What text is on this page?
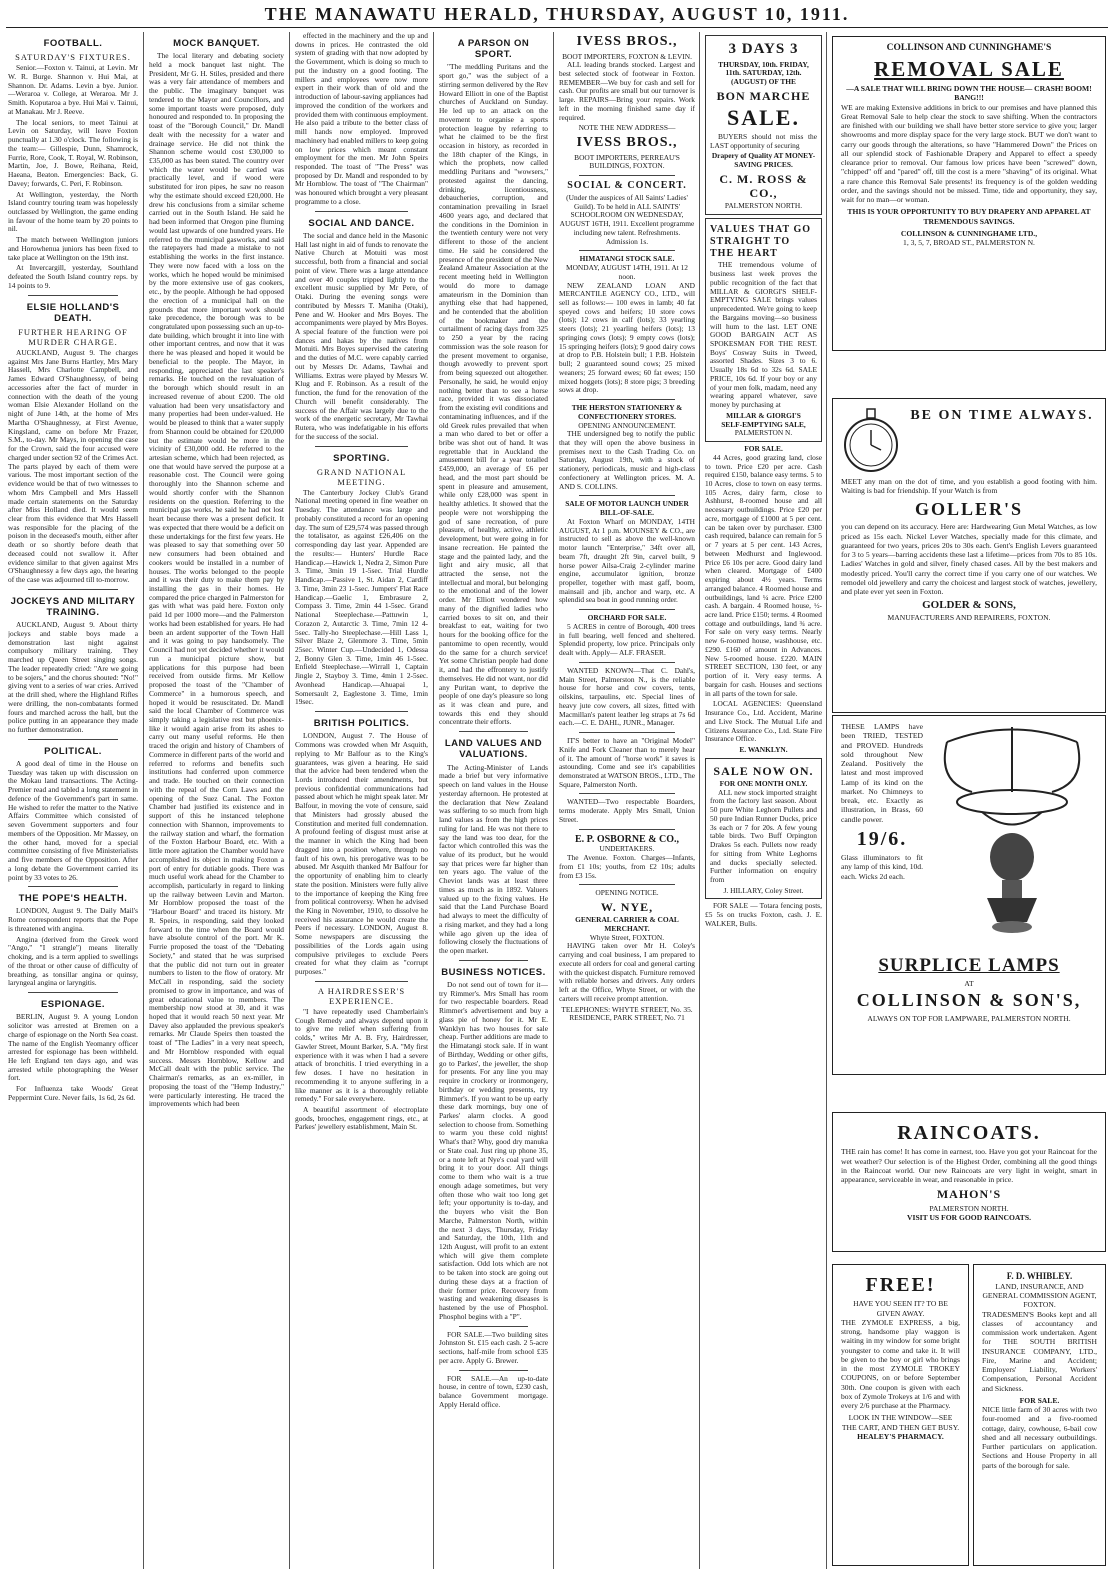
THE MANAWATU HERALD, THURSDAY, AUGUST 10, 1911.
FOOTBALL.
SATURDAY'S FIXTURES.

Senior.—Foxton v. Tainui, at Levin. Mr W. R. Burge. Shannon v. Hui Mai, at Shannon. Dr. Adams. Levin a bye. Junior.—Weraroa v. College, at Weraroa. Mr J. Smith. Koputaroa a bye. Hui Mai v. Tainui, at Manakau. Mr J. Reeve.

The local seniors, to meet Tainui at Levin on Saturday, will leave Foxton punctually at 1.30 o'clock. The following is the team:— Gillespie, Dunn, Shamrock, Furrie, Rore, Cook, T. Royal, W. Robinson, Martin, Joe, J. Bowe, Reihana, Reid, Haeana, Beaton. Emergencies: Back, G. Davey; forwards, C. Peri, F. Robinson.

At Wellington, yesterday, the North Island country touring team was hopelessly outclassed by Wellington, the game ending in favour of the home team by 20 points to nil.

The match between Wellington juniors and Horowhenua juniors has been fixed to take place at Wellington on the 19th inst.

At Invercargill, yesterday, Southland defeated the South Island country reps. by 14 points to 9.

ELSIE HOLLAND'S DEATH.
FURTHER HEARING OF MURDER CHARGE.

AUCKLAND, August 9. The charges against Mrs Jane Burns Hartley, Mrs Mary Hassell, Mrs Charlotte Campbell, and James Edward O'Shaughnessy, of being accessories after the fact of murder in connection with the death of the young woman Elsie Alexander Holland on the night of June 14th, at the home of Mrs Martha O'Shaughnessy, at First Avenue, Kingsland, came on before Mr Frazer, S.M., to-day. Mr Mays, in opening the case for the Crown, said the four accused were charged under section 92 of the Crimes Act. The parts played by each of them were various. The most important section of the evidence would be that of two witnesses to whom Mrs Campbell and Mrs Hassell made certain statements on the Saturday after Miss Holland died. It would seem clear from this evidence that Mrs Hassell was responsible for the placing of the poison in the deceased's mouth, either after death or so shortly before death that deceased could not swallow it. After evidence similar to that given against Mrs O'Shaughnessy a few days ago, the hearing of the case was adjourned till to-morrow.

JOCKEYS AND MILITARY TRAINING.

AUCKLAND, August 9. About thirty jockeys and stable boys made a demonstration last night against compulsory military training. They marched up Queen Street singing songs. The leader repeatedly cried: "Are we going to be sojers," and the chorus shouted: "No!" giving vent to a series of war cries. Arrived at the drill shed, where the Highland Rifles were drilling, the non-combatants formed fours and marched across the hall, but the police putting in an appearance they made no further demonstration.

POLITICAL.

A good deal of time in the House on Tuesday was taken up with discussion on the Mokau land transactions. The Acting-Premier read and tabled a long statement in defence of the Government's part in same. He wished to refer the matter to the Native Affairs Committee which consisted of seven Government supporters and four members of the Opposition. Mr Massey, on the other hand, moved for a special committee consisting of five Ministerialists and five members of the Opposition. After a long debate the Government carried its point by 33 votes to 26.

THE POPE'S HEALTH.

LONDON, August 9. The Daily Mail's Rome correspondent reports that the Pope is threatened with angina.

Angina (derived from the Greek word "Ango," "I strangle") means literally choking, and is a term applied to swellings of the throat or other cause of difficulty of breathing, as tonsillar angina or quinsy, laryngeal angina or laryngitis.

ESPIONAGE.

BERLIN, August 9. A young London solicitor was arrested at Bremen on a charge of espionage on the North Sea coast. The name of the English Yeomanry officer arrested for espionage has been withheld. He left England ten days ago, and was arrested while photographing the Weser fort.

For Influenza take Woods' Great Peppermint Cure. Never fails, 1s 6d, 2s 6d.

MOCK BANQUET.

The local literary and debating society held a mock banquet last night. The President, Mr G. H. Stiles, presided and there was a very fair attendance of members and the public. The imaginary banquet was tendered to the Mayor and Councillors, and some important toasts were proposed, duly honoured and responded to. In proposing the toast of the "Borough Council," Dr. Mandl dealt with the necessity for a water and drainage service. He did not think the Shannon scheme would cost £30,000 to £35,000 as has been stated. The country over which the water would be carried was practically level, and if wood were substituted for iron pipes, he saw no reason why the estimate should exceed £20,000. He drew his conclusions from a similar scheme carried out in the South Island. He said he had been informed that Oregon pine fluming would last upwards of one hundred years. He referred to the municipal gasworks, and said the ratepayers had made a mistake to not establishing the works in the first instance. They were now faced with a loss on the works, which he hoped would be minimised by the more extensive use of gas cookers, etc., by the people. Although he had opposed the erection of a municipal hall on the grounds that more important work should take precedence, the borough was to be congratulated upon possessing such an up-to-date building, which brought it into line with other important centres, and now that it was there he was pleased and hoped it would be beneficial to the people. The Mayor, in responding, appreciated the last speaker's remarks. He touched on the revaluation of the borough which should result in an increased revenue of about £200. The old valuation had been very unsatisfactory and many properties had been under-valued. He would be pleased to think that a water supply from Shannon could be obtained for £20,000 but the estimate would be more in the vicinity of £30,000 odd. He referred to the artesian scheme, which had been rejected, as one that would have served the purpose at a reasonable cost. The Council were going thoroughly into the Shannon scheme and would shortly confer with the Shannon residents on the question. Referring to the municipal gas works, he said he had not lost heart because there was a present deficit. It was expected that there would be a deficit on these undertakings for the first few years. He was pleased to say that something over 50 new consumers had been obtained and cookers would be installed in a number of houses. The works belonged to the people and it was their duty to make them pay by installing the gas in their homes. He compared the price charged in Palmerston for gas with what was paid here. Foxton only paid 1d per 1000 more—and the Palmerston works had been established for years. He had been an ardent supporter of the Town Hall and it was going to pay handsomely. The Council had not yet decided whether it would run a municipal picture show, but applications for this purpose had been received from outside firms. Mr Kellow proposed the toast of the "Chamber of Commerce" in a humorous speech, and hoped it would be resuscitated. Dr. Mandl said the local Chamber of Commerce was simply taking a legislative rest but phoenix-like it would again arise from its ashes to carry out many useful reforms. He then traced the origin and history of Chambers of Commerce in different parts of the world and referred to reforms and benefits such institutions had conferred upon commerce and trade. He touched on their connection with the repeal of the Corn Laws and the opening of the Suez Canal. The Foxton Chamber had justified its existence and in support of this he instanced telephone connection with Shannon, improvements to the railway station and wharf, the formation of the Foxton Harbour Board, etc. With a little more agitation the Chamber would have accomplished its object in making Foxton a port of entry for dutiable goods. There was much useful work ahead for the Chamber to accomplish, particularly in regard to linking up the railway between Levin and Marton. Mr Hornblow proposed the toast of the "Harbour Board" and traced its history. Mr R. Speirs, in responding, said they looked forward to the time when the Board would have absolute control of the port. Mr K. Furrie proposed the toast of the "Debating Society," and stated that he was surprised that the public did not turn out in greater numbers to listen to the flow of oratory. Mr McCall in responding, said the society promised to grow in importance, and was of great educational value to members. The membership now stood at 30, and it was hoped that it would reach 50 next year. Mr Davey also applauded the previous speaker's remarks. Mr Claude Speirs then toasted the toast of "The Ladies" in a very neat speech, and Mr Hornblow responded with equal success. Messrs Hornblow, Kellow and McCall dealt with the public service. The Chairman's remarks, as an ex-miller, in proposing the toast of the "Hemp Industry," were particularly interesting. He traced the improvements which had been

effected in the machinery and the up and downs in prices. He contrasted the old system of grading with that now adopted by the Government, which is doing so much to put the industry on a good footing. The millers and employees were now more expert in their work than of old and the introduction of labour-saving appliances had improved the condition of the workers and provided them with continuous employment. He also paid a tribute to the better class of mill hands now employed. Improved machinery had enabled millers to keep going on low prices which meant constant employment for the men. Mr John Speirs responded. The toast of "The Press" was proposed by Dr. Mandl and responded to by Mr Hornblow. The toast of "The Chairman" was honoured which brought a very pleasant programme to a close.

SOCIAL AND DANCE.

The social and dance held in the Masonic Hall last night in aid of funds to renovate the Native Church at Motuiti was most successful, both from a financial and social point of view. There was a large attendance and over 40 couples tripped lightly to the excellent music supplied by Mr Pere, of Otaki. During the evening songs were contributed by Messrs T. Maniha (Otaki), Pene and W. Hooker and Mrs Boyes. The accompaniments were played by Mrs Boyes. A special feature of the function were poi dances and hakas by the natives from Motuiti. Mrs Boyes supervised the catering and the duties of M.C. were capably carried out by Messrs Dr. Adams, Tawhai and Williams. Extras were played by Messrs W. Klug and F. Robinson. As a result of the function, the fund for the renovation of the Church will benefit considerably. The success of the Affair was largely due to the work of the energetic secretary, Mr Tawhai Rutera, who was indefatigable in his efforts for the success of the social.

SPORTING.
GRAND NATIONAL MEETING.

The Canterbury Jockey Club's Grand National meeting opened in fine weather on Tuesday. The attendance was large and probably constituted a record for an opening day. The sum of £29,574 was passed through the totalisator, as against £26,406 on the corresponding day last year. Appended are the results:— Hunters' Hurdle Race Handicap.—Hawick 1, Nedra 2, Simon Pure 3. Time, 3min 19 1-5sec. Trial Hurdle Handicap.—Passive 1, St. Aidan 2, Cardiff 3. Time, 3min 23 1-5sec. Jumpers' Flat Race Handicap.—Gaelic 1, Embrasure 2, Compass 3. Time, 2min 44 1-5sec. Grand National Steeplechase.—Pattuwin 1, Corazon 2, Autarctic 3. Time, 7min 12 4-5sec. Tally-ho Steeplechase.—Hill Lass 1, Silver Blaze 2, Glenmore 3. Time, 5min 25sec. Winter Cup.—Undecided 1, Odessa 2, Bonny Glen 3. Time, 1min 46 1-5sec. Enfield Steeplechase.—Wirrall 1, Captain Jingle 2, Stayboy 3. Time, 4min 1 2-5sec. Avonhead Handicap.—Ahuapai 1, Somersault 2, Eaglestone 3. Time, 1min 19sec.

BRITISH POLITICS.

LONDON, August 7. The House of Commons was crowded when Mr Asquith, replying to Mr Balfour as to the King's guarantees, was given a hearing. He said that the advice had been tendered when the Lords introduced their amendments, but previous confidential communications had passed about which he might speak later. Mr Balfour, in moving the vote of censure, said that Ministers had grossly abused the Constitution and merited full condemnation. A profound feeling of disgust must arise at the manner in which the King had been dragged into a position where, through no fault of his own, his prerogative was to be abused. Mr Asquith thanked Mr Balfour for the opportunity of enabling him to clearly state the position. Ministers were fully alive to the importance of keeping the King free from political controversy. When he advised the King in November, 1910, to dissolve he received his assurance he would create the Peers if necessary. LONDON, August 8. Some newspapers are discussing the possibilities of the Lords again using compulsive privileges to exclude Peers created for what they claim as "corrupt purposes."

A HAIRDRESSER'S EXPERIENCE.

"I have repeatedly used Chamberlain's Cough Remedy and always depend upon it to give me relief when suffering from colds," writes Mr A. B. Fry, Hairdresser, Gawler Street, Mount Barker, S.A. "My first experience with it was when I had a severe attack of bronchitis. I tried everything in a few doses. I have no hesitation in recommending it to anyone suffering in a like manner as it is a thoroughly reliable remedy." For sale everywhere.

A beautiful assortment of electroplate goods, brooches, engagement rings, etc., at Parkes' jewellery establishment, Main St.

A PARSON ON SPORT.

"The meddling Puritans and the sport go," was the subject of a stirring sermon delivered by the Rev Howard Elliott in one of the Baptist churches of Auckland on Sunday. He led up to an attack on the movement to organise a sports protection league by referring to what he claimed to be the first occasion in history, as recorded in the 18th chapter of the Kings, in which the prophets, now called meddling Puritans and "wowsers," protested against the dancing, drinking, licentiousness, debaucheries, corruption, and contamination prevailing in Israel 4600 years ago, and declared that the conditions in the Dominion in the twentieth century were not very different to those of the ancient time. He said he considered the presence of the president of the New Zealand Amateur Association at the recent meeting held in Wellington would do more to damage amateurism in the Dominion than anything else that had happened, and he contended that the abolition of the bookmaker and the curtailment of racing days from 325 to 250 a year by the racing commission was the sole reason for the present movement to organise, though avowedly to prevent sport from being squeezed out altogether. Personally, he said, he would enjoy nothing better than to see a horse race, provided it was dissociated from the existing evil conditions and contaminating influences, and if the old Greek rules prevailed that when a man who dared to bet or offer a bribe was shot out of hand. It was regrettable that in Auckland the amusement bill for a year totalled £459,000, an average of £6 per head, and the most part should be spent in pleasure and amusement, while only £28,000 was spent in healthy athletics. It showed that the people were not worshipping the god of sane recreation, of pure pleasure, of healthy, active, athletic development, but were going in for insane recreation. He painted the stage and the painted lady, and the light and airy music, all that attracted the sense, not the intellectual and moral, but belonging to the emotional and of the lower order. Mr Elliott wondered how many of the dignified ladies who carried boxes to sit on, and their breakfast to eat, waiting for two hours for the booking office for the pantomime to open recently, would do the same for a church service! Yet some Christian people had done it, and had the effrontery to justify themselves. He did not want, nor did any Puritan want, to deprive the people of one day's pleasure so long as it was clean and pure, and towards this end they should concentrate their efforts.

LAND VALUES AND VALUATIONS.

The Acting-Minister of Lands made a brief but very informative speech on land values in the House yesterday afternoon. He protested at the declaration that New Zealand was suffering to so much from high land values as from the high prices ruling for land. He was not there to say the land was too dear, for the factor which controlled this was the value of its product, but he would say that prices were far higher than ten years ago. The value of the Cheviot lands was at least three times as much as in 1892. Valuers valued up to the fixing values. He said that the Land Purchase Board had always to meet the difficulty of a rising market, and they had a long while ago given up the idea of following closely the fluctuations of the open market.

BUSINESS NOTICES.

Do not send out of town for it—try Rimmer's. Mrs Small has room for two respectable boarders. Read Rimmer's advertisement and buy a glass pie of honey for it. Mr E. Wanklyn has two houses for sale cheap. Further additions are made to the Himatangi stock sale. If in want of Birthday, Wedding or other gifts, go to Parkes', the jeweller, the shop for presents. For any line you may require in crockery or ironmongery, birthday or wedding presents, try Rimmer's. If you want to be up early these dark mornings, buy one of Parkes' alarm clocks. A good selection to choose from. Something to warm you these cold nights! What's that? Why, good dry manuka or State coal. Just ring up phone 35, or a note left at Nye's coal yard will bring it to your door. All things come to them who wait is a true enough adage sometimes, but very often those who wait too long get left; your opportunity is to-day, and the buyers who visit the Bon Marche, Palmerston North, within the next 3 days, Thursday, Friday and Saturday, the 10th, 11th and 12th August, will profit to an extent which will give them complete satisfaction. Odd lots which are not to be taken into stock are going out during these days at a fraction of their former price. Recovery from wasting and weakening diseases is hastened by the use of Phosphol. Phosphol begins with a "P".

FOR SALE.—Two building sites Johnston St. £15 each cash. 2 5-acre sections, half-mile from school £35 per acre. Apply G. Brewer.

FOR SALE.—An up-to-date house, in centre of town, £230 cash, balance Government mortgage. Apply Herald office.

IVESS BROS.,
BOOT IMPORTERS, FOXTON & LEVIN.

ALL leading brands stocked. Largest and best selected stock of footwear in Foxton. REMEMBER—We buy for cash and sell for cash. Our profits are small but our turnover is large. REPAIRS—Bring your repairs. Work left in the morning finished same day if required.

NOTE THE NEW ADDRESS—
IVESS BROS.,
BOOT IMPORTERS, PERREAU'S BUILDINGS, FOXTON.
SOCIAL & CONCERT.

(Under the auspices of All Saints' Ladies' Guild). To be held in ALL SAINTS' SCHOOLROOM ON WEDNESDAY, AUGUST 16TH, 1911. Excellent programme including new talent. Refreshments. Admission 1s.

HIMATANGI STOCK SALE.
MONDAY, AUGUST 14TH, 1911. At 12 noon.

NEW ZEALAND LOAN AND MERCANTILE AGENCY CO., LTD., will sell as follows:— 100 ewes in lamb; 40 fat speyed cows and heifers; 10 store cows (lots); 12 cows in calf (lots); 33 yearling steers (lots); 21 yearling heifers (lots); 13 springing cows (lots); 9 empty cows (lots); 15 springing heifers (lots); 9 good dairy cows at drop to P.B. Holstein bull; 1 P.B. Holstein bull; 2 guaranteed sound cows; 25 mixed weaners; 25 forward ewes; 60 fat ewes; 150 mixed hoggets (lots); 8 store pigs; 3 breeding sows at drop.

THE HERSTON STATIONERY & CONFECTIONERY STORES.
OPENING ANNOUNCEMENT.

THE undersigned beg to notify the public that they will open the above business in premises next to the Cash Trading Co. on Saturday, August 19th, with a stock of stationery, periodicals, music and high-class confectionery at Wellington prices. M. A. AND S. COLLINS.

SALE OF MOTOR LAUNCH UNDER BILL-OF-SALE.

At Foxton Wharf on MONDAY, 14TH AUGUST, At 1 p.m. MOUNSEY & CO., are instructed to sell as above the well-known motor launch "Enterprise," 34ft over all, beam 7ft, draught 2ft 9in, carvel built, 9 horse power Ailsa-Craig 2-cylinder marine engine, accumulator ignition, bronze propeller, together with mast gaff, boom, mainsail and jib, anchor and warp, etc. A splendid sea boat in good running order.

ORCHARD FOR SALE.

5 ACRES in centre of Borough, 400 trees in full bearing, well fenced and sheltered. Splendid property, low price. Principals only dealt with. Apply— ALF. FRASER.

WANTED KNOWN—That C. Dahl's, Main Street, Palmerston N., is the reliable house for horse and cow covers, tents, oilskins, tarpaulins, etc. Special lines of heavy jute cow covers, all sizes, fitted with Macmillan's patent leather leg straps at 7s 6d each.—C. E. DAHL, JUNR., Manager.

IT'S better to have an "Original Model" Knife and Fork Cleaner than to merely hear of it. The amount of "horse work" it saves is astounding. Come and see it's capabilities demonstrated at WATSON BROS., LTD., The Square, Palmerston North.

WANTED—Two respectable Boarders, terms moderate. Apply Mrs Small, Union Street.

E. P. OSBORNE & CO.,
UNDERTAKERS.

The Avenue. Foxton. Charges—Infants, from £1 10s; youths, from £2 10s; adults from £3 15s.

OPENING NOTICE.
W. NYE,
GENERAL CARRIER & COAL MERCHANT.
Whyte Street, FOXTON.

HAVING taken over Mr H. Coley's carrying and coal business, I am prepared to execute all orders for coal and general carting with the quickest dispatch. Furniture removed with reliable horses and drivers. Any orders left at the Office, Whyte Street, or with the carters will receive prompt attention.

TELEPHONES: WHYTE STREET, No. 35. RESIDENCE, PARK STREET, No. 71
3 DAYS 3
THURSDAY, 10th. FRIDAY, 11th. SATURDAY, 12th. (AUGUST) OF THE
BON MARCHE
SALE.

BUYERS should not miss the LAST opportunity of securing

Drapery of Quality AT MONEY-SAVING PRICES.
C. M. ROSS & CO.,
PALMERSTON NORTH.
VALUES THAT GO STRAIGHT TO THE HEART

THE tremendous volume of business last week proves the public recognition of the fact that MILLAR & GIORGI'S SHELF-EMPTYING SALE brings values unprecedented. We're going to keep the Bargains moving—so business will hum to the last. LET ONE GOOD BARGAIN ACT AS SPOKESMAN FOR THE REST. Boys' Cosway Suits in Tweed, assorted Shades. Sizes 3 to 6. Usually 18s 6d to 32s 6d. SALE PRICE, 10s 6d. If your boy or any of your men folk, madam, need any wearing apparel whatever, save money by purchasing at

MILLAR & GIORGI'S
SELF-EMPTYING SALE,
PALMERSTON N.
FOR SALE.

44 Acres, good grazing land, close to town. Price £20 per acre. Cash required £150, balance easy terms. 5 to 10 Acres, close to town on easy terms. 105 Acres, dairy farm, close to Ashhurst, 8-roomed house and all necessary outbuildings. Price £20 per acre, mortgage of £1000 at 5 per cent. can be taken over by purchaser. £300 cash required, balance can remain for 5 or 7 years at 5 per cent. 143 Acres, between Medhurst and Inglewood. Price £6 10s per acre. Good dairy land when cleared. Mortgage of £400 expiring about 4½ years. Terms arranged balance. 4 Roomed house and outbuildings, land ¼ acre. Price £200 cash. A bargain. 4 Roomed house, ½-acre land. Price £150; terms. 4 Roomed cottage and outbuildings, land ¾ acre. For sale on very easy terms. Nearly new 6-roomed house, washhouse, etc. £290. £160 of amount in Advances. New 5-roomed house. £220. MAIN STREET SECTION, 130 feet, or any portion of it. Very easy terms. A bargain for cash. Houses and sections in all parts of the town for sale.

LOCAL AGENCIES: Queensland Insurance Co., Ltd. Accident, Marine and Live Stock. The Mutual Life and Citizens Assurance Co., Ltd. State Fire Insurance Office.

E. WANKLYN.
SALE NOW ON.
FOR ONE MONTH ONLY.

ALL new stock imported straight from the factory last season. About 50 pure White Leghorn Pullets and 50 pure Indian Runner Ducks, price 3s each or 7 for 20s. A few young table birds. Two Buff Orpington Drakes 5s each. Pullets now ready for sitting from White Leghorns and ducks specially selected. Further information on enquiry from

J. HILLARY, Coley Street.

FOR SALE — Totara fencing posts, £5 5s on trucks Foxton, cash. J. E. WALKER, Bulls.

COLLINSON AND CUNNINGHAME'S
REMOVAL SALE
—A SALE THAT WILL BRING DOWN THE HOUSE— CRASH! BOOM! BANG!!!

WE are making Extensive additions in brick to our premises and have planned this Great Removal Sale to help clear the stock to save shifting. When the contractors are finished with our building we shall have better store service to give you; larger showrooms and more display space for the very large stock. BUT we don't want to carry our goods through the alterations, so have "Hammered Down" the Prices on all our splendid stock of Fashionable Drapery and Apparel to effect a speedy clearance prior to removal. Our famous low prices have been "screwed" down, "chipped" off and "pared" off, till the cost is a mere "shaving" of its original. What a rare chance this Removal Sale presents! its frequency is of the golden wedding order, and the savings should not be missed. Time, tide and opportunity, they say, wait for no man—or woman.

THIS IS YOUR OPPORTUNITY TO BUY DRAPERY AND APPAREL AT TREMENDOUS SAVINGS.

COLLINSON & CUNNINGHAME LTD.,
1, 3, 5, 7, BROAD ST., PALMERSTON N.
BE ON TIME ALWAYS.

MEET any man on the dot of time, and you establish a good footing with him. Waiting is bad for friendship. If your Watch is from

GOLLER'S

you can depend on its accuracy. Here are: Hardwearing Gun Metal Watches, as low priced as 15s each. Nickel Lever Watches, specially made for this climate, and guaranteed for two years, prices 20s to 30s each. Gent's English Levers guaranteed for 3 to 5 years—barring accidents these last a lifetime—prices from 70s to 85 10s. Ladies' Watches in gold and silver, finely chased cases. All by the best makers and modestly priced. You'll carry the correct time if you carry one of our watches. We remodel old jewellery and carry the choicest and largest stock of watches, jewellery, and plate ever yet seen in Foxton.

GOLDER & SONS,
MANUFACTURERS AND REPAIRERS, FOXTON.

THESE LAMPS have been TRIED, TESTED and PROVED. Hundreds sold throughout New Zealand. Positively the latest and most improved Lamp of its kind on the market. No Chimneys to break, etc. Exactly as illustration, in Brass, 60 candle power.

19/6.

Glass illuminators to fit any lamp of this kind, 10d. each. Wicks 2d each.

SURPLICE LAMPS
AT
COLLINSON & SON'S,
ALWAYS ON TOP FOR LAMPWARE, PALMERSTON NORTH.
RAINCOATS.

THE rain has come! It has come in earnest, too. Have you got your Raincoat for the wet weather? Our selection is of the Highest Order, combining all the good things in the Raincoat world. Our new Raincoats are very light in weight, smart in appearance, serviceable in wear, and reasonable in price.

MAHON'S
PALMERSTON NORTH.
VISIT US FOR GOOD RAINCOATS.
FREE!
HAVE YOU SEEN IT? TO BE GIVEN AWAY.

THE ZYMOLE EXPRESS, a big, strong, handsome play waggon is waiting in my window for some bright youngster to come and take it. It will be given to the boy or girl who brings in the most ZYMOLE TROKEY COUPONS, on or before September 30th. One coupon is given with each box of Zymole Trokeys at 1/6 and with every 2/6 purchase at the Pharmacy.

LOOK IN THE WINDOW—SEE THE CART, AND THEN GET BUSY.
HEALEY'S PHARMACY.
F. D. WHIBLEY.
LAND, INSURANCE, AND GENERAL COMMISSION AGENT, FOXTON.

TRADESMEN'S Books kept and all classes of accountancy and commission work undertaken. Agent for THE SOUTH BRITISH INSURANCE COMPANY, LTD., Fire, Marine and Accident; Employers' Liability, Workers' Compensation, Personal Accident and Sickness.

FOR SALE.

NICE little farm of 30 acres with two four-roomed and a five-roomed cottage, dairy, cowhouse, 6-bail cow shed and all necessary outbuildings. Further particulars on application. Sections and House Property in all parts of the borough for sale.
